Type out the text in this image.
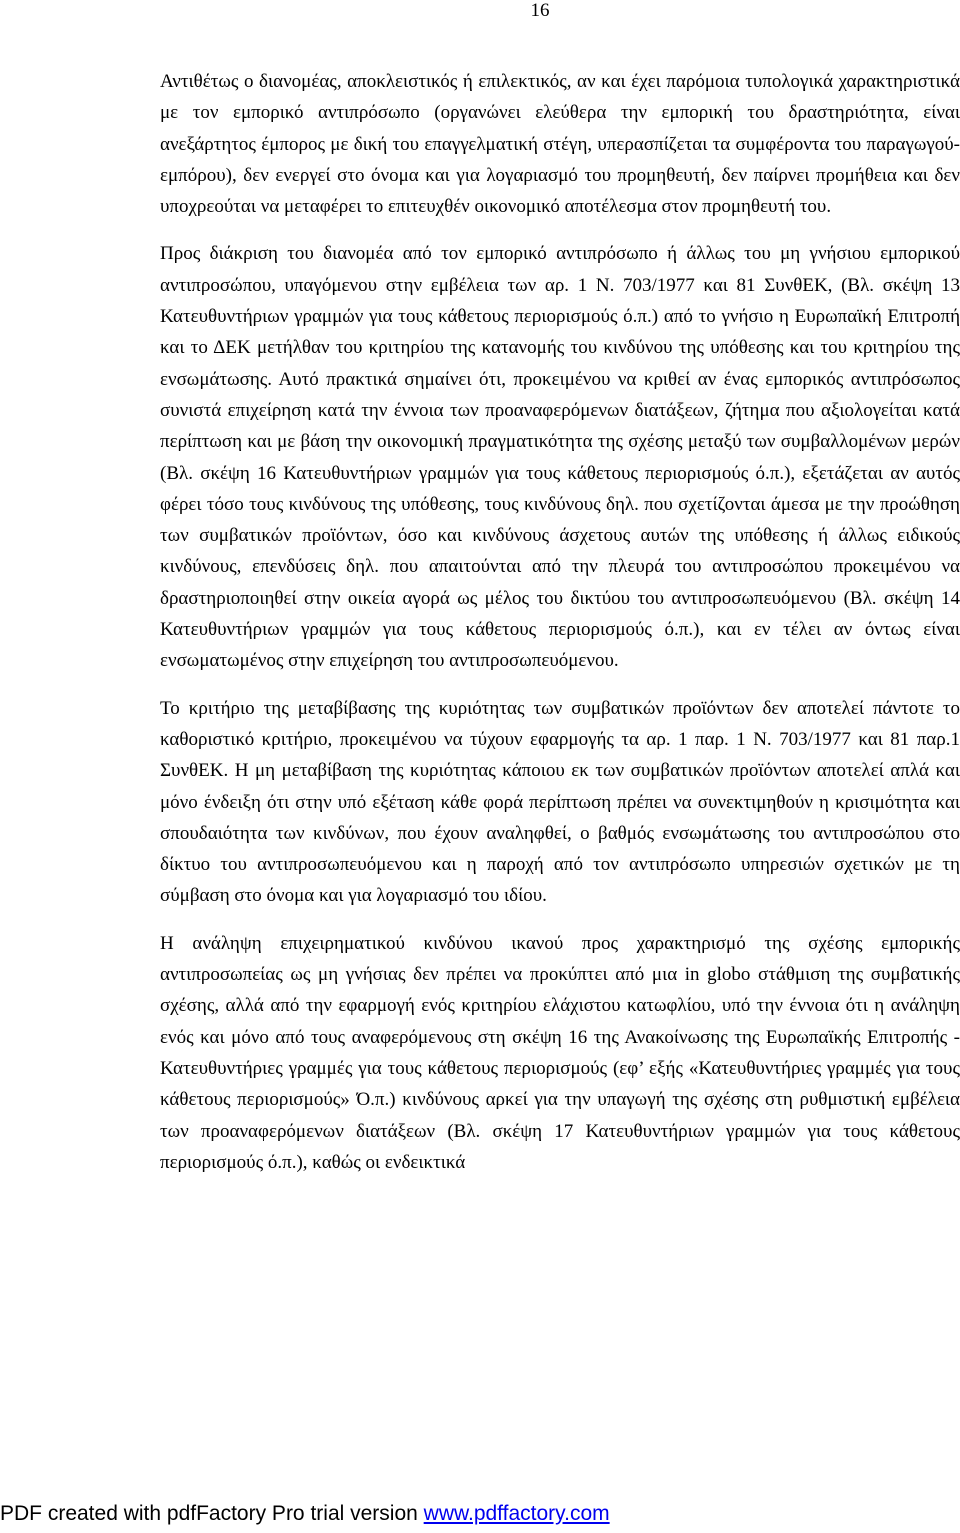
16

Αντιθέτως ο διανομέας, αποκλειστικός ή επιλεκτικός, αν και έχει παρόμοια τυπολογικά χαρακτηριστικά με τον εμπορικό αντιπρόσωπο (οργανώνει ελεύθερα την εμπορική του δραστηριότητα, είναι ανεξάρτητος έμπορος με δική του επαγγελματική στέγη, υπερασπίζεται τα συμφέροντα του παραγωγού-εμπόρου), δεν ενεργεί στο όνομα και για λογαριασμό του προμηθευτή, δεν παίρνει προμήθεια και δεν υποχρεούται να μεταφέρει το επιτευχθέν οικονομικό αποτέλεσμα στον προμηθευτή του.

Προς διάκριση του διανομέα από τον εμπορικό αντιπρόσωπο ή άλλως του μη γνήσιου εμπορικού αντιπροσώπου, υπαγόμενου στην εμβέλεια των αρ. 1 Ν. 703/1977 και 81 ΣυνθΕΚ, (Βλ. σκέψη 13 Κατευθυντήριων γραμμών για τους κάθετους περιορισμούς ό.π.) από το γνήσιο η Ευρωπαϊκή Επιτροπή και το ΔΕΚ μετήλθαν του κριτηρίου της κατανομής του κινδύνου της υπόθεσης και του κριτηρίου της ενσωμάτωσης. Αυτό πρακτικά σημαίνει ότι, προκειμένου να κριθεί αν ένας εμπορικός αντιπρόσωπος συνιστά επιχείρηση κατά την έννοια των προαναφερόμενων διατάξεων, ζήτημα που αξιολογείται κατά περίπτωση και με βάση την οικονομική πραγματικότητα της σχέσης μεταξύ των συμβαλλομένων μερών (Βλ. σκέψη 16 Κατευθυντήριων γραμμών για τους κάθετους περιορισμούς ό.π.), εξετάζεται αν αυτός φέρει τόσο τους κινδύνους της υπόθεσης, τους κινδύνους δηλ. που σχετίζονται άμεσα με την προώθηση των συμβατικών προϊόντων, όσο και κινδύνους άσχετους αυτών της υπόθεσης ή άλλως ειδικούς κινδύνους, επενδύσεις δηλ. που απαιτούνται από την πλευρά του αντιπροσώπου προκειμένου να δραστηριοποιηθεί στην οικεία αγορά ως μέλος του δικτύου του αντιπροσωπευόμενου (Βλ. σκέψη 14 Κατευθυντήριων γραμμών για τους κάθετους περιορισμούς ό.π.), και εν τέλει αν όντως είναι ενσωματωμένος στην επιχείρηση του αντιπροσωπευόμενου.

Το κριτήριο της μεταβίβασης της κυριότητας των συμβατικών προϊόντων δεν αποτελεί πάντοτε το καθοριστικό κριτήριο, προκειμένου να τύχουν εφαρμογής τα αρ. 1 παρ. 1 Ν. 703/1977 και 81 παρ.1 ΣυνθΕΚ. Η μη μεταβίβαση της κυριότητας κάποιου εκ των συμβατικών προϊόντων αποτελεί απλά και μόνο ένδειξη ότι στην υπό εξέταση κάθε φορά περίπτωση πρέπει να συνεκτιμηθούν η κρισιμότητα και σπουδαιότητα των κινδύνων, που έχουν αναληφθεί, ο βαθμός ενσωμάτωσης του αντιπροσώπου στο δίκτυο του αντιπροσωπευόμενου και η παροχή από τον αντιπρόσωπο υπηρεσιών σχετικών με τη σύμβαση στο όνομα και για λογαριασμό του ιδίου.

Η ανάληψη επιχειρηματικού κινδύνου ικανού προς χαρακτηρισμό της σχέσης εμπορικής αντιπροσωπείας ως μη γνήσιας δεν πρέπει να προκύπτει από μια in globo στάθμιση της συμβατικής σχέσης, αλλά από την εφαρμογή ενός κριτηρίου ελάχιστου κατωφλίου, υπό την έννοια ότι η ανάληψη ενός και μόνο από τους αναφερόμενους στη σκέψη 16 της Ανακοίνωσης της Ευρωπαϊκής Επιτροπής - Κατευθυντήριες γραμμές για τους κάθετους περιορισμούς (εφ’ εξής «Κατευθυντήριες γραμμές για τους κάθετους περιορισμούς» Ό.π.) κινδύνους αρκεί για την υπαγωγή της σχέσης στη ρυθμιστική εμβέλεια των προαναφερόμενων διατάξεων (Βλ. σκέψη 17 Κατευθυντήριων γραμμών για τους κάθετους περιορισμούς ό.π.), καθώς οι ενδεικτικά

PDF created with pdfFactory Pro trial version www.pdffactory.com
